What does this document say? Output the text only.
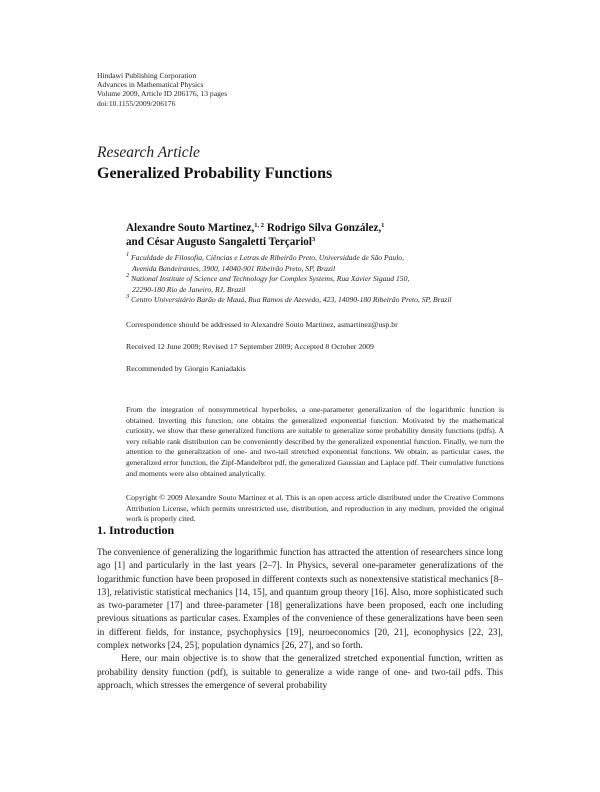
Hindawi Publishing Corporation
Advances in Mathematical Physics
Volume 2009, Article ID 206176, 13 pages
doi:10.1155/2009/206176
Research Article
Generalized Probability Functions
Alexandre Souto Martinez,$^{1, 2}$ Rodrigo Silva González,$^1$
and César Augusto Sangaletti Terçariol$^3$
$^1$ Faculdade de Filosofia, Ciências e Letras de Ribeirão Preto, Universidade de São Paulo,
Avenida Bandeirantes, 3900, 14040-901 Ribeirão Preto, SP, Brazil
$^2$ National Institute of Science and Technology for Complex Systems, Rua Xavier Sigaud 150,
22290-180 Rio de Janeiro, RJ, Brazil
$^3$ Centro Universitário Barão de Mauá, Rua Ramos de Azevedo, 423, 14090-180 Ribeirão Preto, SP, Brazil
Correspondence should be addressed to Alexandre Souto Martinez, asmartinez@usp.br
Received 12 June 2009; Revised 17 September 2009; Accepted 8 October 2009
Recommended by Giorgio Kaniadakis
From the integration of nonsymmetrical hyperboles, a one-parameter generalization of the logarithmic function is obtained. Inverting this function, one obtains the generalized exponential function. Motivated by the mathematical curiosity, we show that these generalized functions are suitable to generalize some probability density functions (pdfs). A very reliable rank distribution can be conveniently described by the generalized exponential function. Finally, we turn the attention to the generalization of one- and two-tail stretched exponential functions. We obtain, as particular cases, the generalized error function, the Zipf-Mandelbrot pdf, the generalized Gaussian and Laplace pdf. Their cumulative functions and moments were also obtained analytically.
Copyright © 2009 Alexandre Souto Martinez et al. This is an open access article distributed under the Creative Commons Attribution License, which permits unrestricted use, distribution, and reproduction in any medium, provided the original work is properly cited.
1. Introduction

The convenience of generalizing the logarithmic function has attracted the attention of researchers since long ago [1] and particularly in the last years [2–7]. In Physics, several one-parameter generalizations of the logarithmic function have been proposed in different contexts such as nonextensive statistical mechanics [8–13], relativistic statistical mechanics [14, 15], and quantum group theory [16]. Also, more sophisticated such as two-parameter [17] and three-parameter [18] generalizations have been proposed, each one including previous situations as particular cases. Examples of the convenience of these generalizations have been seen in different fields, for instance, psychophysics [19], neuroeconomics [20, 21], econophysics [22, 23], complex networks [24, 25], population dynamics [26, 27], and so forth.

Here, our main objective is to show that the generalized stretched exponential function, written as probability density function (pdf), is suitable to generalize a wide range of one- and two-tail pdfs. This approach, which stresses the emergence of several probability
